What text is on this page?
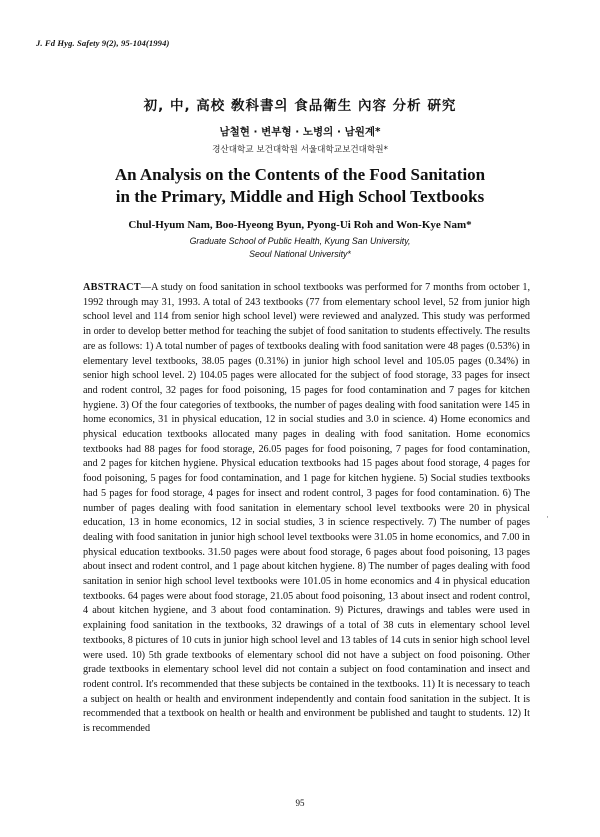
J. Fd Hyg. Safety 9(2), 95-104(1994)
初, 中, 高校 敎科書의 食品衛生 內容 分析 硏究
남철현 · 변부형 · 노병의 · 남원계*
경산대학교 보건대학원 서울대학교보건대학원*
An Analysis on the Contents of the Food Sanitation
in the Primary, Middle and High School Textbooks
Chul-Hyum Nam, Boo-Hyeong Byun, Pyong-Ui Roh and Won-Kye Nam*
Graduate School of Public Health, Kyung San University,
Seoul National University*

ABSTRACT—A study on food sanitation in school textbooks was performed for 7 months from october 1, 1992 through may 31, 1993. A total of 243 textbooks (77 from elementary school level, 52 from junior high school level and 114 from senior high school level) were reviewed and analyzed. This study was performed in order to develop better method for teaching the subjet of food sanitation to students effectively. The results are as follows: 1) A total number of pages of textbooks dealing with food sanitation were 48 pages (0.53%) in elementary level textbooks, 38.05 pages (0.31%) in junior high school level and 105.05 pages (0.34%) in senior high school level. 2) 104.05 pages were allocated for the subject of food storage, 33 pages for insect and rodent control, 32 pages for food poisoning, 15 pages for food contamination and 7 pages for kitchen hygiene. 3) Of the four categories of textbooks, the number of pages dealing with food sanitation were 145 in home economics, 31 in physical education, 12 in social studies and 3.0 in science. 4) Home economics and physical education textbooks allocated many pages in dealing with food sanitation. Home economics textbooks had 88 pages for food storage, 26.05 pages for food poisoning, 7 pages for food contamination, and 2 pages for kitchen hygiene. Physical education textbooks had 15 pages about food storage, 4 pages for food poisoning, 5 pages for food contamination, and 1 page for kitchen hygiene. 5) Social studies textbooks had 5 pages for food storage, 4 pages for insect and rodent control, 3 pages for food contamination. 6) The number of pages dealing with food sanitation in elementary school level textbooks were 20 in physical education, 13 in home economics, 12 in social studies, 3 in science respectively. 7) The number of pages dealing with food sanitation in junior high school level textbooks were 31.05 in home economics, and 7.00 in physical education textbooks. 31.50 pages were about food storage, 6 pages about food poisoning, 13 pages about insect and rodent control, and 1 page about kitchen hygiene. 8) The number of pages dealing with food sanitation in senior high school level textbooks were 101.05 in home economics and 4 in physical education textbooks. 64 pages were about food storage, 21.05 about food poisoning, 13 about insect and rodent control, 4 about kitchen hygiene, and 3 about food contamination. 9) Pictures, drawings and tables were used in explaining food sanitation in the textbooks, 32 drawings of a total of 38 cuts in elementary school level textbooks, 8 pictures of 10 cuts in junior high school level and 13 tables of 14 cuts in senior high school level were used. 10) 5th grade textbooks of elementary school did not have a subject on food poisoning. Other grade textbooks in elementary school level did not contain a subject on food contamination and insect and rodent control. It's recommended that these subjects be contained in the textbooks. 11) It is necessary to teach a subject on health or health and environment independently and contain food sanitation in the subject. It is recommended that a textbook on health or health and environment be published and taught to students. 12) It is recommended

·
95
